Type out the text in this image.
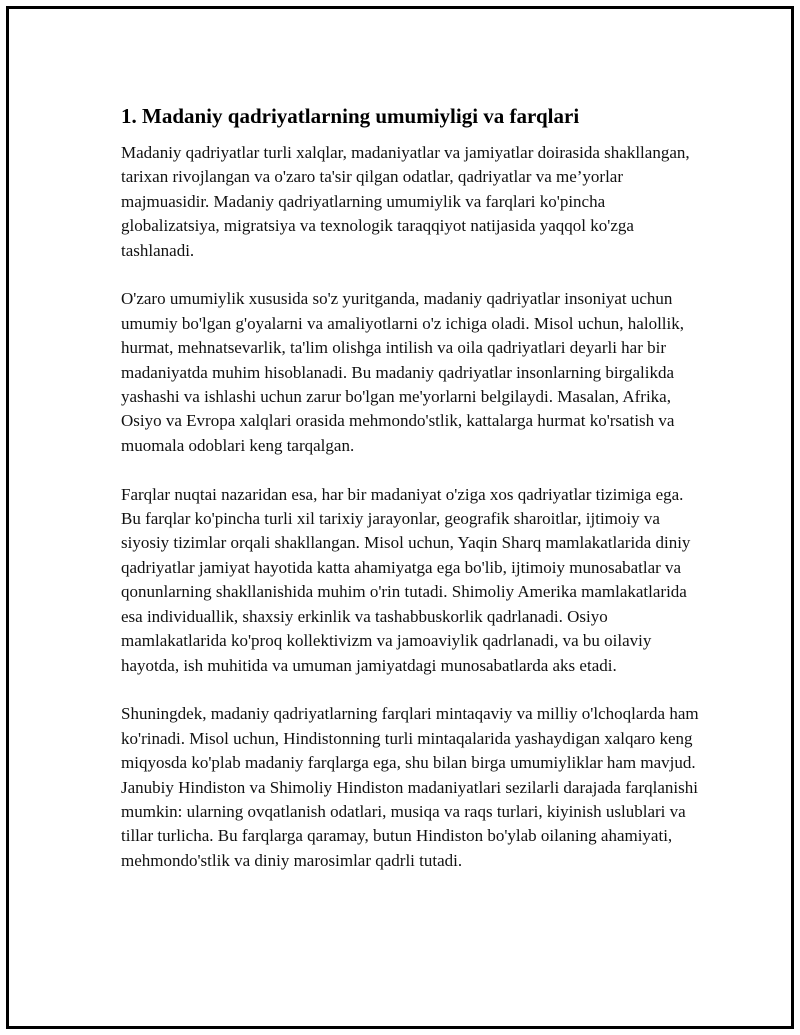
1. Madaniy qadriyatlarning umumiyligi va farqlari

Madaniy qadriyatlar turli xalqlar, madaniyatlar va jamiyatlar doirasida shakllangan, tarixan rivojlangan va o'zaro ta'sir qilgan odatlar, qadriyatlar va me’yorlar majmuasidir. Madaniy qadriyatlarning umumiylik va farqlari ko'pincha globalizatsiya, migratsiya va texnologik taraqqiyot natijasida yaqqol ko'zga tashlanadi.

O'zaro umumiylik xususida so'z yuritganda, madaniy qadriyatlar insoniyat uchun umumiy bo'lgan g'oyalarni va amaliyotlarni o'z ichiga oladi. Misol uchun, halollik, hurmat, mehnatsevarlik, ta'lim olishga intilish va oila qadriyatlari deyarli har bir madaniyatda muhim hisoblanadi. Bu madaniy qadriyatlar insonlarning birgalikda yashashi va ishlashi uchun zarur bo'lgan me'yorlarni belgilaydi. Masalan, Afrika, Osiyo va Evropa xalqlari orasida mehmondo'stlik, kattalarga hurmat ko'rsatish va muomala odoblari keng tarqalgan.

Farqlar nuqtai nazaridan esa, har bir madaniyat o'ziga xos qadriyatlar tizimiga ega. Bu farqlar ko'pincha turli xil tarixiy jarayonlar, geografik sharoitlar, ijtimoiy va siyosiy tizimlar orqali shakllangan. Misol uchun, Yaqin Sharq mamlakatlarida diniy qadriyatlar jamiyat hayotida katta ahamiyatga ega bo'lib, ijtimoiy munosabatlar va qonunlarning shakllanishida muhim o'rin tutadi. Shimoliy Amerika mamlakatlarida esa individuallik, shaxsiy erkinlik va tashabbuskorlik qadrlanadi. Osiyo mamlakatlarida ko'proq kollektivizm va jamoaviylik qadrlanadi, va bu oilaviy hayotda, ish muhitida va umuman jamiyatdagi munosabatlarda aks etadi.

Shuningdek, madaniy qadriyatlarning farqlari mintaqaviy va milliy o'lchoqlarda ham ko'rinadi. Misol uchun, Hindistonning turli mintaqalarida yashaydigan xalqaro keng miqyosda ko'plab madaniy farqlarga ega, shu bilan birga umumiyliklar ham mavjud. Janubiy Hindiston va Shimoliy Hindiston madaniyatlari sezilarli darajada farqlanishi mumkin: ularning ovqatlanish odatlari, musiqa va raqs turlari, kiyinish uslublari va tillar turlicha. Bu farqlarga qaramay, butun Hindiston bo'ylab oilaning ahamiyati, mehmondo'stlik va diniy marosimlar qadrli tutadi.
